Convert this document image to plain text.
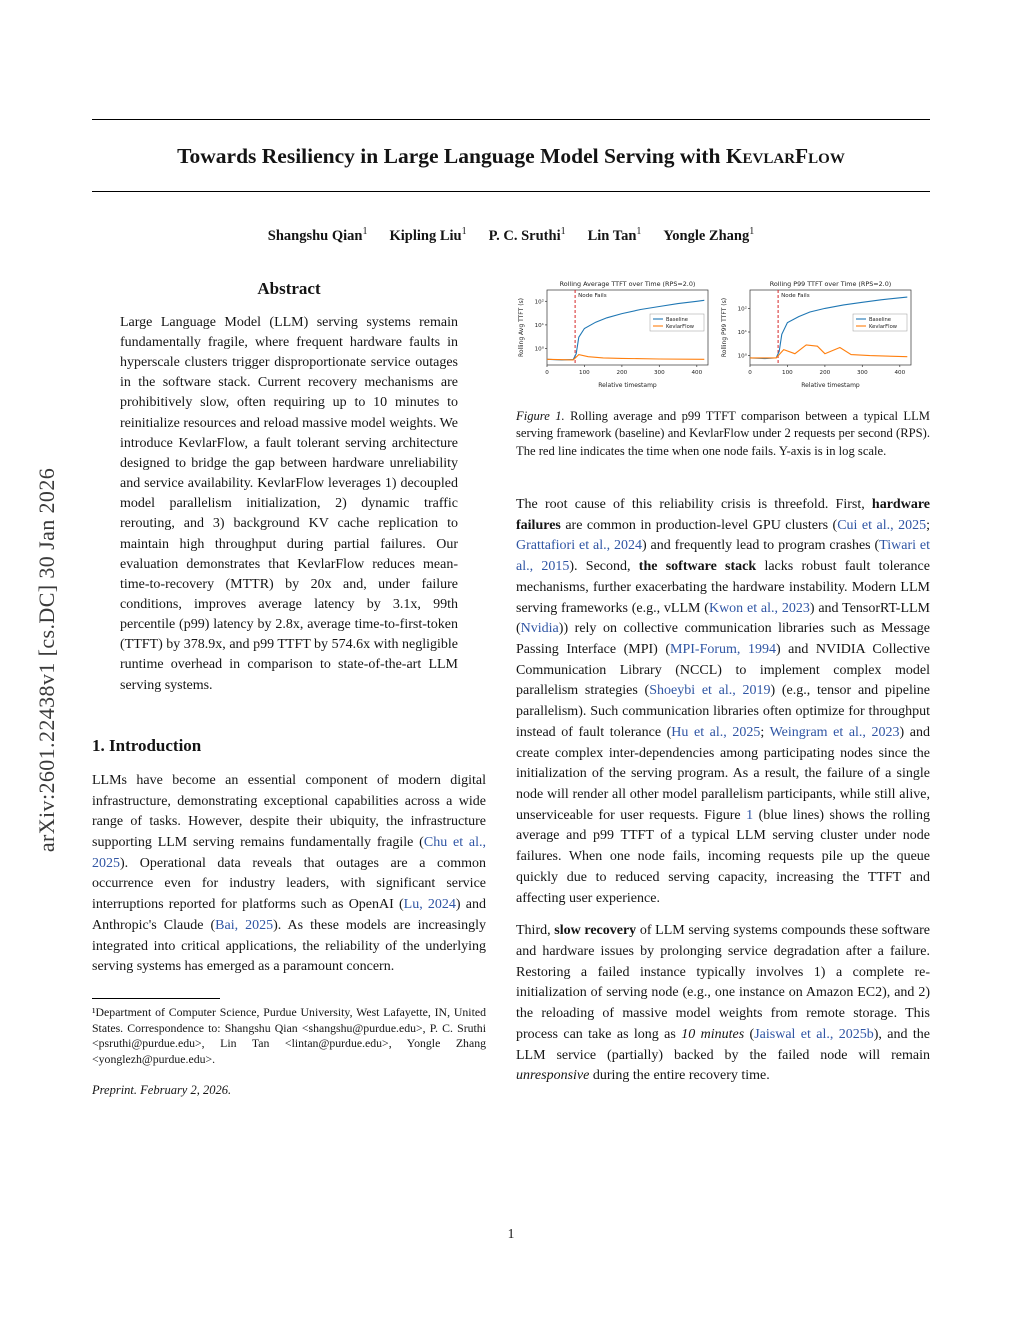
arXiv:2601.22438v1 [cs.DC] 30 Jan 2026
Towards Resiliency in Large Language Model Serving with KevlarFlow
Shangshu Qian$^1$ Kipling Liu$^1$ P. C. Sruthi$^1$ Lin Tan$^1$ Yongle Zhang$^1$
Abstract
Large Language Model (LLM) serving systems remain fundamentally fragile, where frequent hardware faults in hyperscale clusters trigger disproportionate service outages in the software stack. Current recovery mechanisms are prohibitively slow, often requiring up to 10 minutes to reinitialize resources and reload massive model weights. We introduce KevlarFlow, a fault tolerant serving architecture designed to bridge the gap between hardware unreliability and service availability. KevlarFlow leverages 1) decoupled model parallelism initialization, 2) dynamic traffic rerouting, and 3) background KV cache replication to maintain high throughput during partial failures. Our evaluation demonstrates that KevlarFlow reduces mean-time-to-recovery (MTTR) by 20x and, under failure conditions, improves average latency by 3.1x, 99th percentile (p99) latency by 2.8x, average time-to-first-token (TTFT) by 378.9x, and p99 TTFT by 574.6x with negligible runtime overhead in comparison to state-of-the-art LLM serving systems.
1. Introduction
LLMs have become an essential component of modern digital infrastructure, demonstrating exceptional capabilities across a wide range of tasks. However, despite their ubiquity, the infrastructure supporting LLM serving remains fundamentally fragile (Chu et al., 2025). Operational data reveals that outages are a common occurrence even for industry leaders, with significant service interruptions reported for platforms such as OpenAI (Lu, 2024) and Anthropic's Claude (Bai, 2025). As these models are increasingly integrated into critical applications, the reliability of the underlying serving systems has emerged as a paramount concern.
¹Department of Computer Science, Purdue University, West Lafayette, IN, United States. Correspondence to: Shangshu Qian <shangshu@purdue.edu>, P. C. Sruthi <psruthi@purdue.edu>, Lin Tan <lintan@purdue.edu>, Yongle Zhang <yonglezh@purdue.edu>.
Preprint. February 2, 2026.
Rolling Average TTFT over Time (RPS=2.0)
10⁰
10¹
10²
0	100	200	300	400
Relative timestamp
Rolling Avg TTFT (s)
Node Fails
Baseline
KevlarFlow
Rolling P99 TTFT over Time (RPS=2.0)
10⁰
10¹
10²
0	100	200	300	400
Relative timestamp
Rolling P99 TTFT (s)
Node Fails
Baseline
KevlarFlow
Figure 1. Rolling average and p99 TTFT comparison between a typical LLM serving framework (baseline) and KevlarFlow under 2 requests per second (RPS). The red line indicates the time when one node fails. Y-axis is in log scale.
The root cause of this reliability crisis is threefold. First, hardware failures are common in production-level GPU clusters (Cui et al., 2025; Grattafiori et al., 2024) and frequently lead to program crashes (Tiwari et al., 2015). Second, the software stack lacks robust fault tolerance mechanisms, further exacerbating the hardware instability. Modern LLM serving frameworks (e.g., vLLM (Kwon et al., 2023) and TensorRT-LLM (Nvidia)) rely on collective communication libraries such as Message Passing Interface (MPI) (MPI-Forum, 1994) and NVIDIA Collective Communication Library (NCCL) to implement complex model parallelism strategies (Shoeybi et al., 2019) (e.g., tensor and pipeline parallelism). Such communication libraries often optimize for throughput instead of fault tolerance (Hu et al., 2025; Weingram et al., 2023) and create complex inter-dependencies among participating nodes since the initialization of the serving program. As a result, the failure of a single node will render all other model parallelism participants, while still alive, unserviceable for user requests. Figure 1 (blue lines) shows the rolling average and p99 TTFT of a typical LLM serving cluster under node failures. When one node fails, incoming requests pile up the queue quickly due to reduced serving capacity, increasing the TTFT and affecting user experience.
Third, slow recovery of LLM serving systems compounds these software and hardware issues by prolonging service degradation after a failure. Restoring a failed instance typically involves 1) a complete re-initialization of serving node (e.g., one instance on Amazon EC2), and 2) the reloading of massive model weights from remote storage. This process can take as long as 10 minutes (Jaiswal et al., 2025b), and the LLM service (partially) backed by the failed node will remain unresponsive during the entire recovery time.
1
